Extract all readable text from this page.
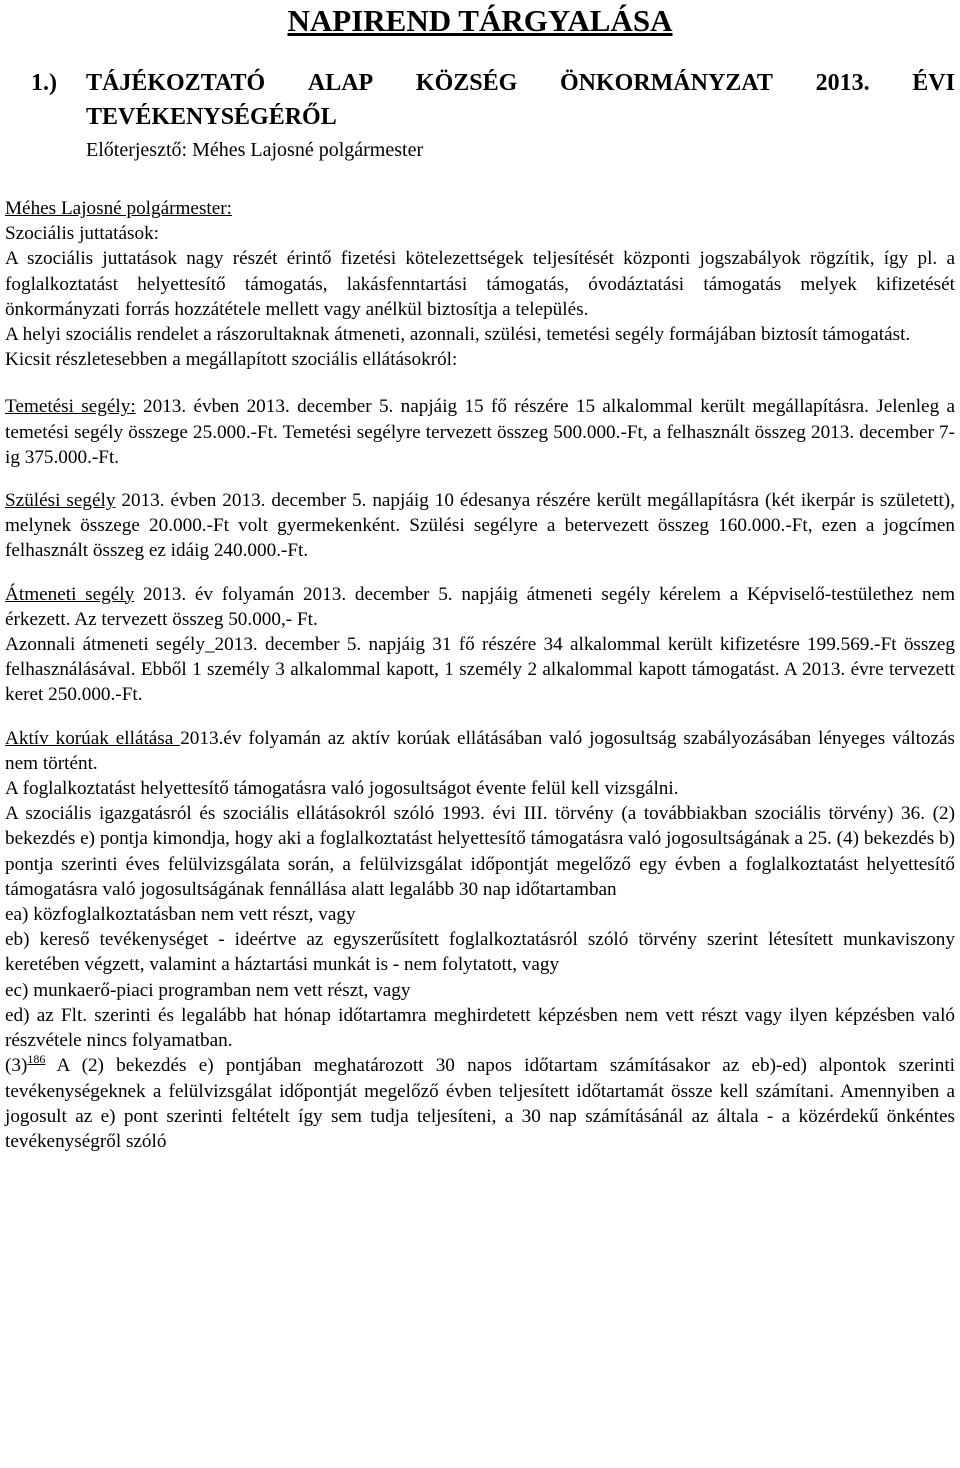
NAPIREND TÁRGYALÁSA
1.) TÁJÉKOZTATÓ ALAP KÖZSÉG ÖNKORMÁNYZAT 2013. ÉVI
TEVÉKENYSÉGÉRŐL
Előterjesztő: Méhes Lajosné polgármester

Méhes Lajosné polgármester:

Szociális juttatások:

A szociális juttatások nagy részét érintő fizetési kötelezettségek teljesítését központi jogszabályok rögzítik, így pl. a foglalkoztatást helyettesítő támogatás, lakásfenntartási támogatás, óvodáztatási támogatás melyek kifizetését önkormányzati forrás hozzátétele mellett vagy anélkül biztosítja a település.

A helyi szociális rendelet a rászorultaknak átmeneti, azonnali, szülési, temetési segély formájában biztosít támogatást.

Kicsit részletesebben a megállapított szociális ellátásokról:

Temetési segély: 2013. évben 2013. december 5. napjáig 15 fő részére 15 alkalommal került megállapításra. Jelenleg a temetési segély összege 25.000.-Ft. Temetési segélyre tervezett összeg 500.000.-Ft, a felhasznált összeg 2013. december 7-ig 375.000.-Ft.

Szülési segély 2013. évben 2013. december 5. napjáig 10 édesanya részére került megállapításra (két ikerpár is született), melynek összege 20.000.-Ft volt gyermekenként. Szülési segélyre a betervezett összeg 160.000.-Ft, ezen a jogcímen felhasznált összeg ez idáig 240.000.-Ft.

Átmeneti segély 2013. év folyamán 2013. december 5. napjáig átmeneti segély kérelem a Képviselő-testülethez nem érkezett. Az tervezett összeg 50.000,- Ft.

Azonnali átmeneti segély_2013. december 5. napjáig 31 fő részére 34 alkalommal került kifizetésre 199.569.-Ft összeg felhasználásával. Ebből 1 személy 3 alkalommal kapott, 1 személy 2 alkalommal kapott támogatást. A 2013. évre tervezett keret 250.000.-Ft.

Aktív korúak ellátása 2013.év folyamán az aktív korúak ellátásában való jogosultság szabályozásában lényeges változás nem történt.

A foglalkoztatást helyettesítő támogatásra való jogosultságot évente felül kell vizsgálni.

A szociális igazgatásról és szociális ellátásokról szóló 1993. évi III. törvény (a továbbiakban szociális törvény) 36. (2) bekezdés e) pontja kimondja, hogy aki a foglalkoztatást helyettesítő támogatásra való jogosultságának a 25. (4) bekezdés b) pontja szerinti éves felülvizsgálata során, a felülvizsgálat időpontját megelőző egy évben a foglalkoztatást helyettesítő támogatásra való jogosultságának fennállása alatt legalább 30 nap időtartamban

ea) közfoglalkoztatásban nem vett részt, vagy

eb) kereső tevékenységet - ideértve az egyszerűsített foglalkoztatásról szóló törvény szerint létesített munkaviszony keretében végzett, valamint a háztartási munkát is - nem folytatott, vagy

ec) munkaerő-piaci programban nem vett részt, vagy

ed) az Flt. szerinti és legalább hat hónap időtartamra meghirdetett képzésben nem vett részt vagy ilyen képzésben való részvétele nincs folyamatban.

(3)$^{186}$ A (2) bekezdés e) pontjában meghatározott 30 napos időtartam számításakor az eb)-ed) alpontok szerinti tevékenységeknek a felülvizsgálat időpontját megelőző évben teljesített időtartamát össze kell számítani. Amennyiben a jogosult az e) pont szerinti feltételt így sem tudja teljesíteni, a 30 nap számításánál az általa - a közérdekű önkéntes tevékenységről szóló
